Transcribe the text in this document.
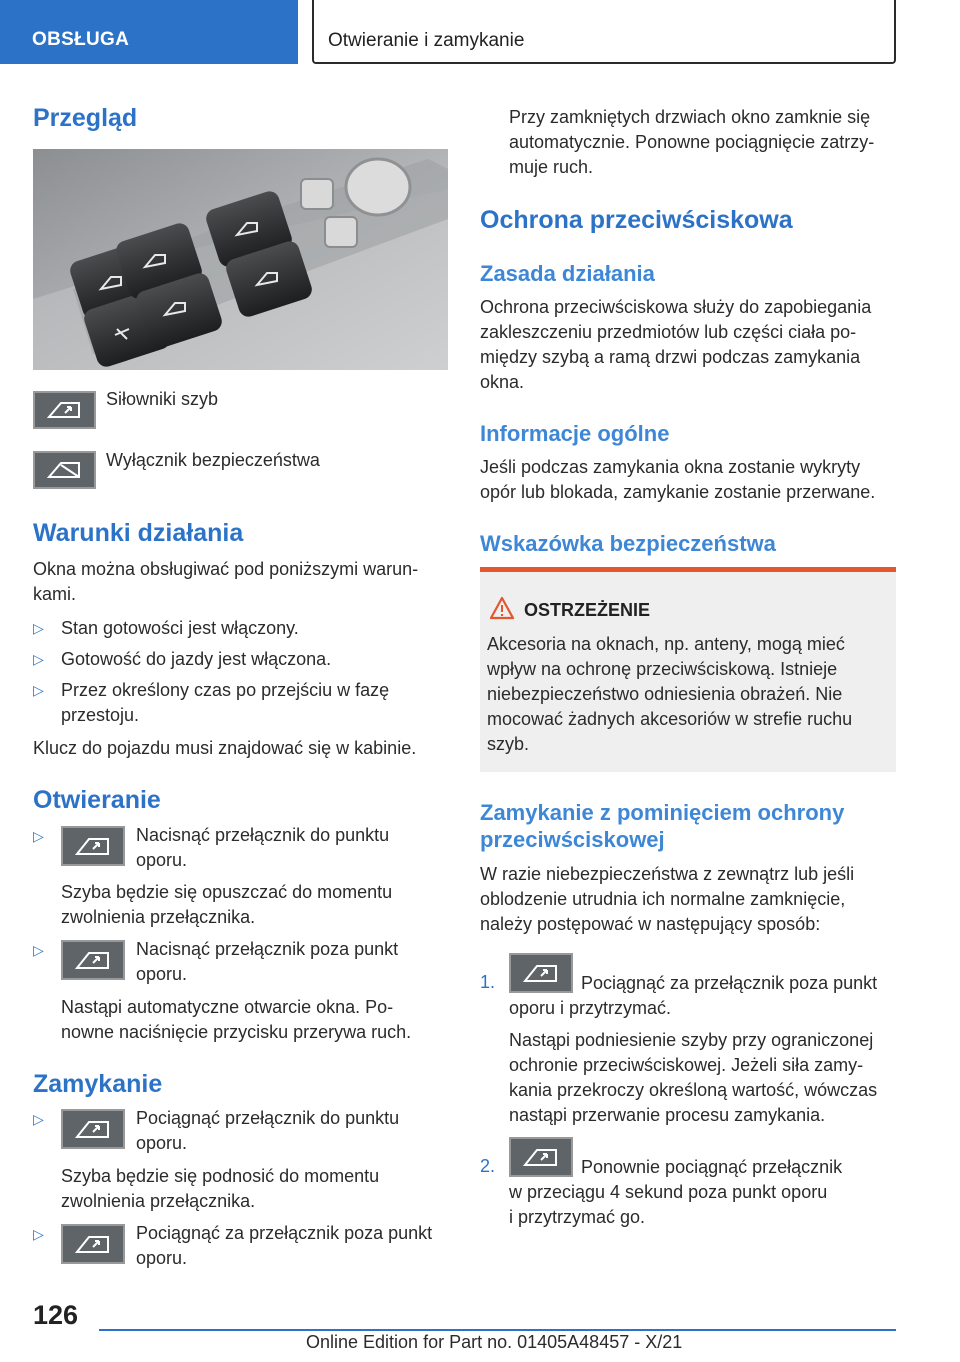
OBSŁUGA	Otwieranie i zamykanie
Przegląd
Siłowniki szyb
Wyłącznik bezpieczeństwa
Warunki działania
Okna można obsługiwać pod poniższymi warun-
kami.
▷ Stan gotowości jest włączony.
▷ Gotowość do jazdy jest włączona.
▷ Przez określony czas po przejściu w fazę
przestoju.
Klucz do pojazdu musi znajdować się w kabinie.
Otwieranie
▷	Nacisnąć przełącznik do punktu
oporu.
Szyba będzie się opuszczać do momentu
zwolnienia przełącznika.
▷	Nacisnąć przełącznik poza punkt
oporu.
Nastąpi automatyczne otwarcie okna. Po-
nowne naciśnięcie przycisku przerywa ruch.
Zamykanie
▷	Pociągnąć przełącznik do punktu
oporu.
Szyba będzie się podnosić do momentu
zwolnienia przełącznika.
▷	Pociągnąć za przełącznik poza punkt
oporu.
Przy zamkniętych drzwiach okno zamknie się
automatycznie. Ponowne pociągnięcie zatrzy-
muje ruch.
Ochrona przeciwściskowa
Zasada działania
Ochrona przeciwściskowa służy do zapobiegania
zakleszczeniu przedmiotów lub części ciała po-
między szybą a ramą drzwi podczas zamykania
okna.
Informacje ogólne
Jeśli podczas zamykania okna zostanie wykryty
opór lub blokada, zamykanie zostanie przerwane.
Wskazówka bezpieczeństwa
OSTRZEŻENIE
Akcesoria na oknach, np. anteny, mogą mieć
wpływ na ochronę przeciwściskową. Istnieje
niebezpieczeństwo odniesienia obrażeń. Nie
mocować żadnych akcesoriów w strefie ruchu
szyb.
Zamykanie z pominięciem ochrony
przeciwściskowej
W razie niebezpieczeństwa z zewnątrz lub jeśli
oblodzenie utrudnia ich normalne zamknięcie,
należy postępować w następujący sposób:
1.	Pociągnąć za przełącznik poza punkt
oporu i przytrzymać.
Nastąpi podniesienie szyby przy ograniczonej
ochronie przeciwściskowej. Jeżeli siła zamy-
kania przekroczy określoną wartość, wówczas
nastąpi przerwanie procesu zamykania.
2.	Ponownie pociągnąć przełącznik
w przeciągu 4 sekund poza punkt oporu
i przytrzymać go.
126
Online Edition for Part no. 01405A48457 - X/21
